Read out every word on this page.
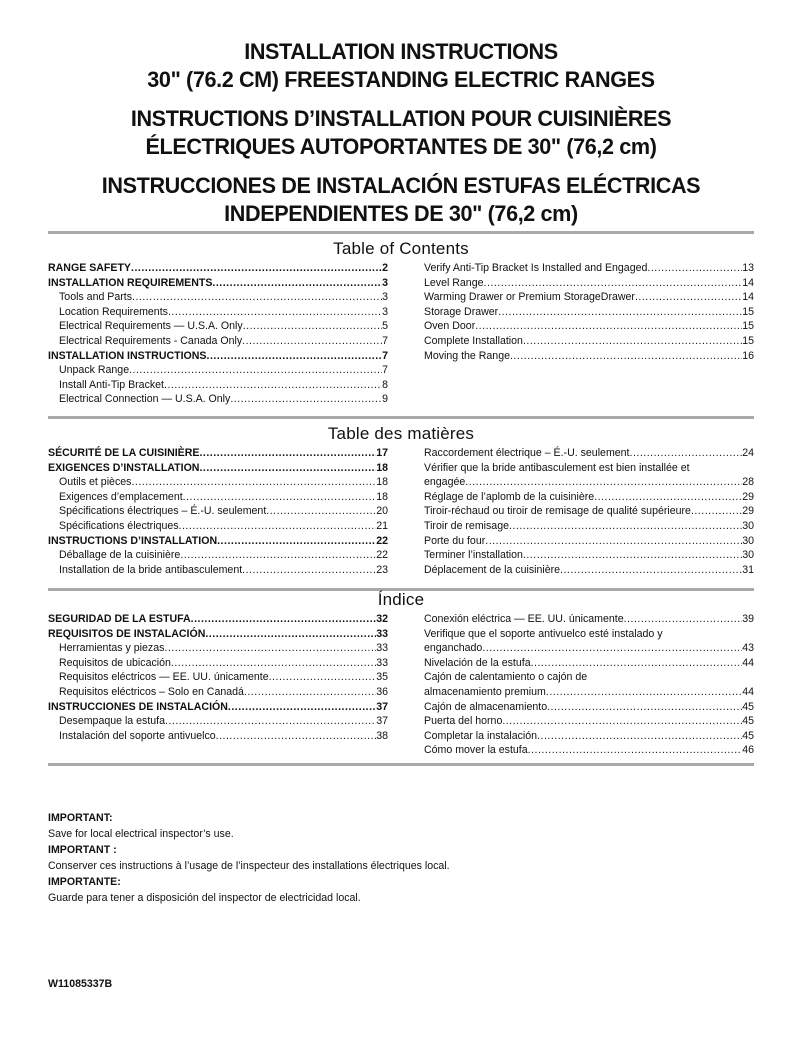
INSTALLATION INSTRUCTIONS
30" (76.2 CM) FREESTANDING ELECTRIC RANGES
INSTRUCTIONS D’INSTALLATION POUR CUISINIÈRES
ÉLECTRIQUES AUTOPORTANTES DE 30" (76,2 cm)
INSTRUCCIONES DE INSTALACIÓN ESTUFAS ELÉCTRICAS
INDEPENDIENTES DE 30" (76,2 cm)
Table of Contents
RANGE SAFETY .....	2
INSTALLATION REQUIREMENTS .....	3
Tools and Parts .....	3
Location Requirements .....	3
Electrical Requirements — U.S.A. Only .....	5
Electrical Requirements - Canada Only .....	7
INSTALLATION INSTRUCTIONS .....	7
Unpack Range .....	7
Install Anti-Tip Bracket .....	8
Electrical Connection — U.S.A. Only .....	9
Verify Anti-Tip Bracket Is Installed and Engaged .....	13
Level Range .....	14
Warming Drawer or Premium StorageDrawer .....	14
Storage Drawer .....	15
Oven Door .....	15
Complete Installation .....	15
Moving the Range .....	16
Table des matières
SÉCURITÉ DE LA CUISINIÈRE .....	17
EXIGENCES D’INSTALLATION .....	18
Outils et pièces .....	18
Exigences d’emplacement .....	18
Spécifications électriques – É.-U. seulement .....	20
Spécifications électriques .....	21
INSTRUCTIONS D’INSTALLATION .....	22
Déballage de la cuisinière .....	22
Installation de la bride antibasculement .....	23
Raccordement électrique – É.-U. seulement .....	24
Vérifier que la bride antibasculement est bien installée et
engagée .....	28
Réglage de l’aplomb de la cuisinière .....	29
Tiroir-réchaud ou tiroir de remisage de qualité supérieure .....	29
Tiroir de remisage .....	30
Porte du four .....	30
Terminer l’installation .....	30
Déplacement de la cuisinière .....	31
Índice
SEGURIDAD DE LA ESTUFA .....	32
REQUISITOS DE INSTALACIÓN .....	33
Herramientas y piezas .....	33
Requisitos de ubicación .....	33
Requisitos eléctricos — EE. UU. únicamente .....	35
Requisitos eléctricos – Solo en Canadá .....	36
INSTRUCCIONES DE INSTALACIÓN .....	37
Desempaque la estufa .....	37
Instalación del soporte antivuelco .....	38
Conexión eléctrica — EE. UU. únicamente .....	39
Verifique que el soporte antivuelco esté instalado y
enganchado .....	43
Nivelación de la estufa .....	44
Cajón de calentamiento o cajón de
almacenamiento premium .....	44
Cajón de almacenamiento .....	45
Puerta del horno .....	45
Completar la instalación .....	45
Cómo mover la estufa .....	46
IMPORTANT:
Save for local electrical inspector’s use.
IMPORTANT :
Conserver ces instructions à l’usage de l’inspecteur des installations électriques local.
IMPORTANTE:
Guarde para tener a disposición del inspector de electricidad local.
W11085337B
